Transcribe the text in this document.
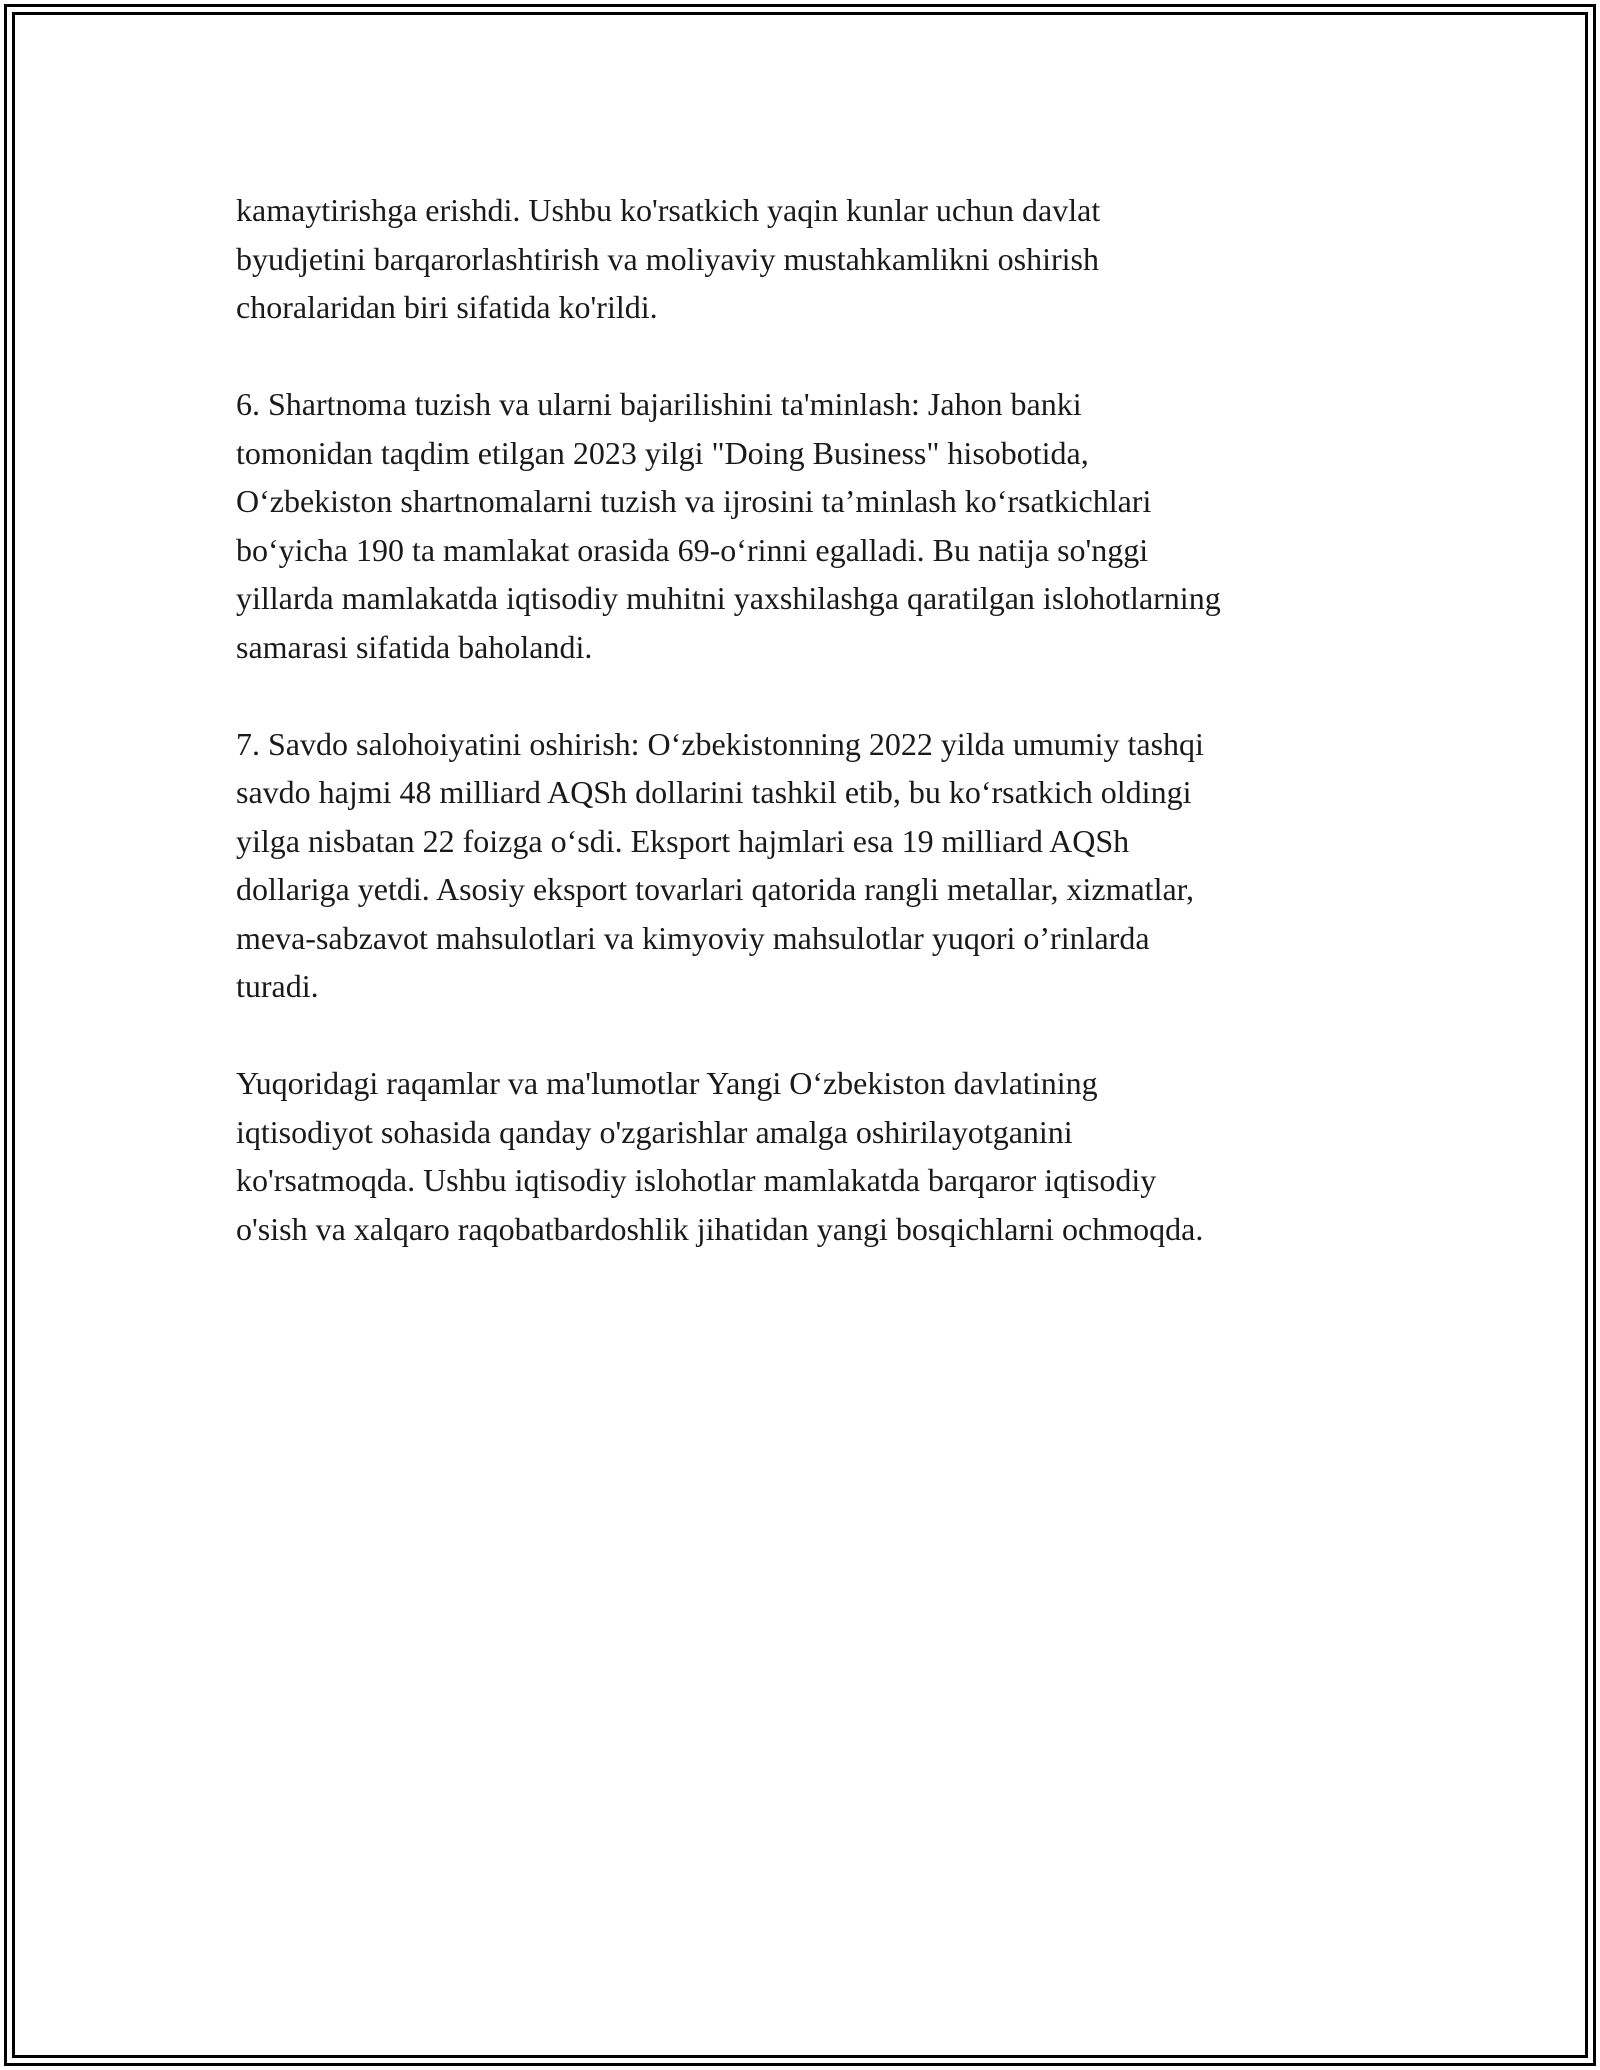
kamaytirishga erishdi. Ushbu ko'rsatkich yaqin kunlar uchun davlat
byudjetini barqarorlashtirish va moliyaviy mustahkamlikni oshirish
choralaridan biri sifatida ko'rildi.

6. Shartnoma tuzish va ularni bajarilishini ta'minlash: Jahon banki
tomonidan taqdim etilgan 2023 yilgi "Doing Business" hisobotida,
Oʻzbekiston shartnomalarni tuzish va ijrosini taʼminlash koʻrsatkichlari
boʻyicha 190 ta mamlakat orasida 69-oʻrinni egalladi. Bu natija so'nggi
yillarda mamlakatda iqtisodiy muhitni yaxshilashga qaratilgan islohotlarning
samarasi sifatida baholandi.

7. Savdo salohoiyatini oshirish: Oʻzbekistonning 2022 yilda umumiy tashqi
savdo hajmi 48 milliard AQSh dollarini tashkil etib, bu koʻrsatkich oldingi
yilga nisbatan 22 foizga oʻsdi. Eksport hajmlari esa 19 milliard AQSh
dollariga yetdi. Asosiy eksport tovarlari qatorida rangli metallar, xizmatlar,
meva-sabzavot mahsulotlari va kimyoviy mahsulotlar yuqori o’rinlarda
turadi.

Yuqoridagi raqamlar va ma'lumotlar Yangi Oʻzbekiston davlatining
iqtisodiyot sohasida qanday o'zgarishlar amalga oshirilayotganini
ko'rsatmoqda. Ushbu iqtisodiy islohotlar mamlakatda barqaror iqtisodiy
o'sish va xalqaro raqobatbardoshlik jihatidan yangi bosqichlarni ochmoqda.
